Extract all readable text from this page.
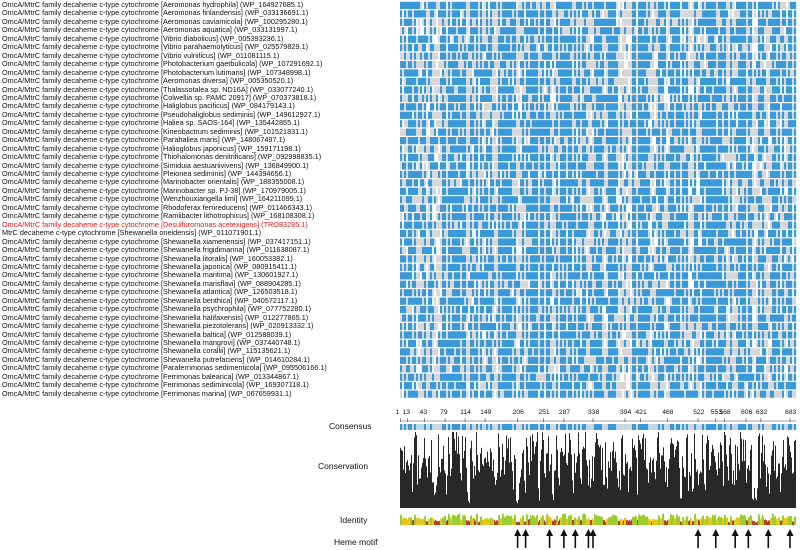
OmcA/MtrC family decaheme c-type cytochrome [Aeromonas hydrophila] (WP_164927685.1)
OmcA/MtrC family decaheme c-type cytochrome [Aeromonas finlandensis] (WP_033136691.1)
OmcA/MtrC family decaheme c-type cytochrome [Aeromonas caviamicola] (WP_100295280.1)
OmcA/MtrC family decaheme c-type cytochrome [Aeromonas aquatica] (WP_033131997.1)
OmcA/MtrC family decaheme c-type cytochrome [Vibrio diabolicus] (WP_005393236.1)
OmcA/MtrC family decaheme c-type cytochrome [Vibrio parahaemolyticus] (WP_025579829.1)
OmcA/MtrC family decaheme c-type cytochrome [Vibrio vulnificus] (WP_011081115.1)
OmcA/MtrC family decaheme c-type cytochrome [Photobacterium gaetbulicola] (WP_107291692.1)
OmcA/MtrC family decaheme c-type cytochrome [Photobacterium lutimaris] (WP_107348998.1)
OmcA/MtrC family decaheme c-type cytochrome [Aeromonas diversa] (WP_005350520.1)
OmcA/MtrC family decaheme c-type cytochrome [Thalassotalea sp. ND16A] (WP_033077240.1)
OmcA/MtrC family decaheme c-type cytochrome [Colwellia sp. PAMC 20917] (WP_070373818.1)
OmcA/MtrC family decaheme c-type cytochrome [Haliglobus pacificus] (WP_084179143.1)
OmcA/MtrC family decaheme c-type cytochrome [Pseudohaliglobus sediminis] (WP_149612927.1)
OmcA/MtrC family decaheme c-type cytochrome [Haliea sp. SAOS-164] (WP_135442855.1)
OmcA/MtrC family decaheme c-type cytochrome [Kineobactrum sediminis] (WP_101521831.1)
OmcA/MtrC family decaheme c-type cytochrome [Parahaliea maris] (WP_148067497.1)
OmcA/MtrC family decaheme c-type cytochrome [Halioglobus japonicus] (WP_159171198.1)
OmcA/MtrC family decaheme c-type cytochrome [Thiohalomonas denitrificans] (WP_092998835.1)
OmcA/MtrC family decaheme c-type cytochrome [Simiduia aestuariivivens] (WP_136849900.1)
OmcA/MtrC family decaheme c-type cytochrome [Pleionea sediminis] (WP_144394656.1)
OmcA/MtrC family decaheme c-type cytochrome [Marinobacter orientalis] (WP_188355008.1)
OmcA/MtrC family decaheme c-type cytochrome [Marinobacter sp. PJ-38] (WP_170979005.1)
OmcA/MtrC family decaheme c-type cytochrome [Wenzhouxiangella limi] (WP_164211099.1)
OmcA/MtrC family decaheme c-type cytochrome [Rhodoferax ferrireducens] (WP_011466343.1)
OmcA/MtrC family decaheme c-type cytochrome [Ramlibacter lithotrophicus] (WP_168108308.1)
OmcA/MtrC family decaheme c-type cytochrome [Desulfuromonas acetexigens] (TRO83285.1)
MtrC decaheme c-type cytochrome [Shewanella oneidensis] (WP_011071901.1)
OmcA/MtrC family decaheme c-type cytochrome [Shewanella xiamenensis] (WP_037417151.1)
OmcA/MtrC family decaheme c-type cytochrome [Shewanella frigidimarina] (WP_011638087.1)
OmcA/MtrC family decaheme c-type cytochrome [Shewanella litoralis] (WP_160053382.1)
OmcA/MtrC family decaheme c-type cytochrome [Shewanella japonica] (WP_080915411.1)
OmcA/MtrC family decaheme c-type cytochrome [Shewanella maritima] (WP_130601927.1)
OmcA/MtrC family decaheme c-type cytochrome [Shewanella marisflavi] (WP_088904285.1)
OmcA/MtrC family decaheme c-type cytochrome [Shewanella atlantica] (WP_126503518.1)
OmcA/MtrC family decaheme c-type cytochrome [Shewanella benthica] (WP_040572117.1)
OmcA/MtrC family decaheme c-type cytochrome [Shewanella psychrophila] (WP_077752280.1)
OmcA/MtrC family decaheme c-type cytochrome [Shewanella halifaxensis] (WP_012277865.1)
OmcA/MtrC family decaheme c-type cytochrome [Shewanella piezotolerans] (WP_020913332.1)
OmcA/MtrC family decaheme c-type cytochrome [Shewanella baltica] (WP_012588039.1)
OmcA/MtrC family decaheme c-type cytochrome [Shewanella mangrovi] (WP_037440748.1)
OmcA/MtrC family decaheme c-type cytochrome [Shewanella corallii] (WP_115135621.1)
OmcA/MtrC family decaheme c-type cytochrome [Shewanella putrefaciens] (WP_014610284.1)
OmcA/MtrC family decaheme c-type cytochrome [Paraferrimonas sedimenticola] (WP_095506166.1)
OmcA/MtrC family decaheme c-type cytochrome [Ferrimonas balearica] (WP_013344867.1)
OmcA/MtrC family decaheme c-type cytochrome [Ferrimonas sediminicola] (WP_169307118.1)
OmcA/MtrC family decaheme c-type cytochrome [Ferrimonas marina] (WP_067659931.1)
Consensus
Conservation
Identity
Heme motif
1 13 43 79 114 149	206 251 287	338	394 421 468	522 553
568 606 632	683
